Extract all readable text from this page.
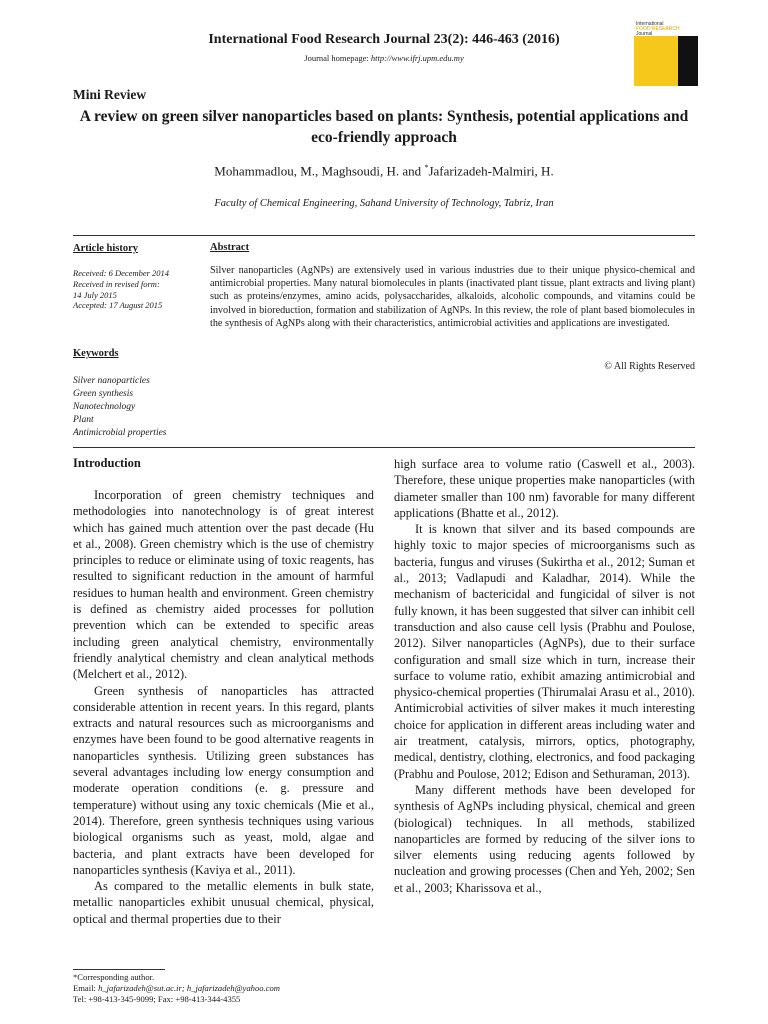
International Food Research Journal 23(2): 446-463 (2016)
Journal homepage: http://www.ifrj.upm.edu.my
International
FOOD RESEARCH
Journal
Mini Review
A review on green silver nanoparticles based on plants: Synthesis, potential applications and eco-friendly approach
Mohammadlou, M., Maghsoudi, H. and *Jafarizadeh-Malmiri, H.
Faculty of Chemical Engineering, Sahand University of Technology, Tabriz, Iran
Article history
Received: 6 December 2014
Received in revised form:
14 July 2015
Accepted: 17 August 2015
Keywords
Silver nanoparticles
Green synthesis
Nanotechnology
Plant
Antimicrobial properties
Abstract
Silver nanoparticles (AgNPs) are extensively used in various industries due to their unique physico-chemical and antimicrobial properties. Many natural biomolecules in plants (inactivated plant tissue, plant extracts and living plant) such as proteins/enzymes, amino acids, polysaccharides, alkaloids, alcoholic compounds, and vitamins could be involved in bioreduction, formation and stabilization of AgNPs. In this review, the role of plant based biomolecules in the synthesis of AgNPs along with their characteristics, antimicrobial activities and applications are investigated.
© All Rights Reserved
Introduction

Incorporation of green chemistry techniques and methodologies into nanotechnology is of great interest which has gained much attention over the past decade (Hu et al., 2008). Green chemistry which is the use of chemistry principles to reduce or eliminate using of toxic reagents, has resulted to significant reduction in the amount of harmful residues to human health and environment. Green chemistry is defined as chemistry aided processes for pollution prevention which can be extended to specific areas including green analytical chemistry, environmentally friendly analytical chemistry and clean analytical methods (Melchert et al., 2012).

Green synthesis of nanoparticles has attracted considerable attention in recent years. In this regard, plants extracts and natural resources such as microorganisms and enzymes have been found to be good alternative reagents in nanoparticles synthesis. Utilizing green substances has several advantages including low energy consumption and moderate operation conditions (e. g. pressure and temperature) without using any toxic chemicals (Mie et al., 2014). Therefore, green synthesis techniques using various biological organisms such as yeast, mold, algae and bacteria, and plant extracts have been developed for nanoparticles synthesis (Kaviya et al., 2011).

As compared to the metallic elements in bulk state, metallic nanoparticles exhibit unusual chemical, physical, optical and thermal properties due to their

high surface area to volume ratio (Caswell et al., 2003). Therefore, these unique properties make nanoparticles (with diameter smaller than 100 nm) favorable for many different applications (Bhatte et al., 2012).

It is known that silver and its based compounds are highly toxic to major species of microorganisms such as bacteria, fungus and viruses (Sukirtha et al., 2012; Suman et al., 2013; Vadlapudi and Kaladhar, 2014). While the mechanism of bactericidal and fungicidal of silver is not fully known, it has been suggested that silver can inhibit cell transduction and also cause cell lysis (Prabhu and Poulose, 2012). Silver nanoparticles (AgNPs), due to their surface configuration and small size which in turn, increase their surface to volume ratio, exhibit amazing antimicrobial and physico-chemical properties (Thirumalai Arasu et al., 2010). Antimicrobial activities of silver makes it much interesting choice for application in different areas including water and air treatment, catalysis, mirrors, optics, photography, medical, dentistry, clothing, electronics, and food packaging (Prabhu and Poulose, 2012; Edison and Sethuraman, 2013).

Many different methods have been developed for synthesis of AgNPs including physical, chemical and green (biological) techniques. In all methods, stabilized nanoparticles are formed by reducing of the silver ions to silver elements using reducing agents followed by nucleation and growing processes (Chen and Yeh, 2002; Sen et al., 2003; Kharissova et al.,

*Corresponding author.
Email: h_jafarizadeh@sut.ac.ir; h_jafarizadeh@yahoo.com
Tel: +98-413-345-9099; Fax: +98-413-344-4355
